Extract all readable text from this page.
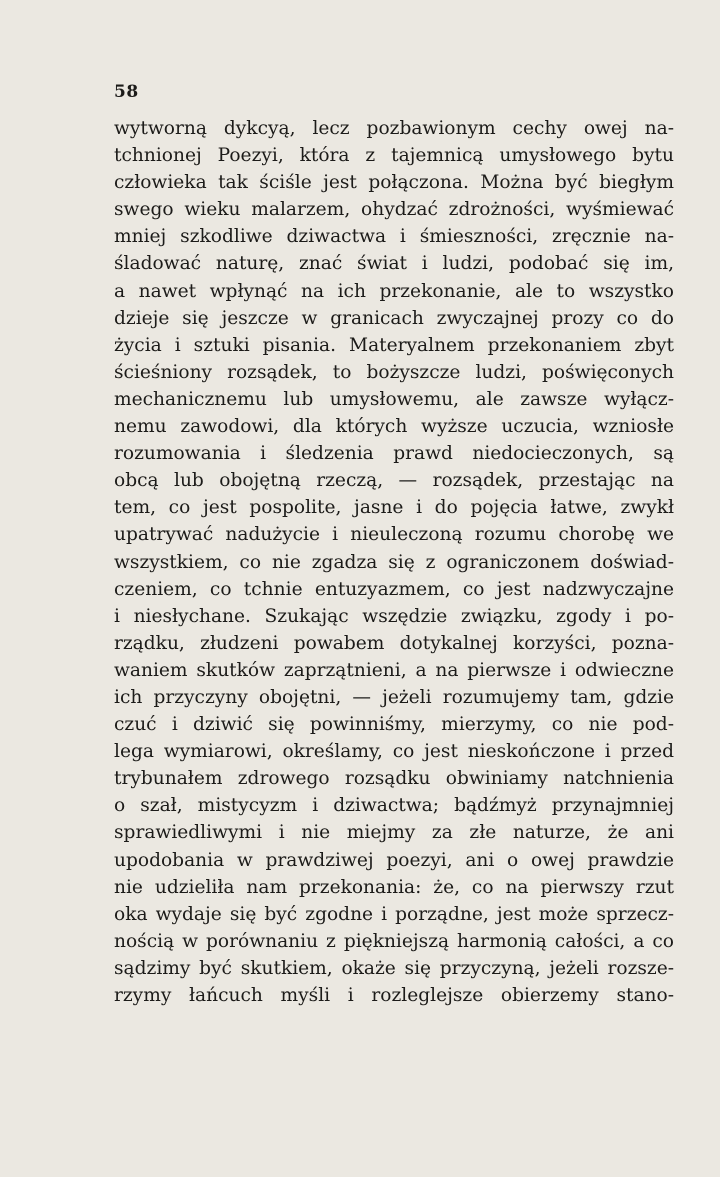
58
wytworną dykcyą, lecz pozbawionym cechy owej na-
tchnionej Poezyi, która z tajemnicą umysłowego bytu
człowieka tak ściśle jest połączona. Można być biegłym
swego wieku malarzem, ohydzać zdrożności, wyśmiewać
mniej szkodliwe dziwactwa i śmieszności, zręcznie na-
śladować naturę, znać świat i ludzi, podobać się im,
a nawet wpłynąć na ich przekonanie, ale to wszystko
dzieje się jeszcze w granicach zwyczajnej prozy co do
życia i sztuki pisania. Materyalnem przekonaniem zbyt
ścieśniony rozsądek, to bożyszcze ludzi, poświęconych
mechanicznemu lub umysłowemu, ale zawsze wyłącz-
nemu zawodowi, dla których wyższe uczucia, wzniosłe
rozumowania i śledzenia prawd niedocieczonych, są
obcą lub obojętną rzeczą, — rozsądek, przestając na
tem, co jest pospolite, jasne i do pojęcia łatwe, zwykł
upatrywać nadużycie i nieuleczoną rozumu chorobę we
wszystkiem, co nie zgadza się z ograniczonem doświad-
czeniem, co tchnie entuzyazmem, co jest nadzwyczajne
i niesłychane. Szukając wszędzie związku, zgody i po-
rządku, złudzeni powabem dotykalnej korzyści, pozna-
waniem skutków zaprzątnieni, a na pierwsze i odwieczne
ich przyczyny obojętni, — jeżeli rozumujemy tam, gdzie
czuć i dziwić się powinniśmy, mierzymy, co nie pod-
lega wymiarowi, określamy, co jest nieskończone i przed
trybunałem zdrowego rozsądku obwiniamy natchnienia
o szał, mistycyzm i dziwactwa; bądźmyż przynajmniej
sprawiedliwymi i nie miejmy za złe naturze, że ani
upodobania w prawdziwej poezyi, ani o owej prawdzie
nie udzieliła nam przekonania: że, co na pierwszy rzut
oka wydaje się być zgodne i porządne, jest może sprzecz-
nością w porównaniu z piękniejszą harmonią całości, a co
sądzimy być skutkiem, okaże się przyczyną, jeżeli rozsze-
rzymy łańcuch myśli i rozleglejsze obierzemy stano-
